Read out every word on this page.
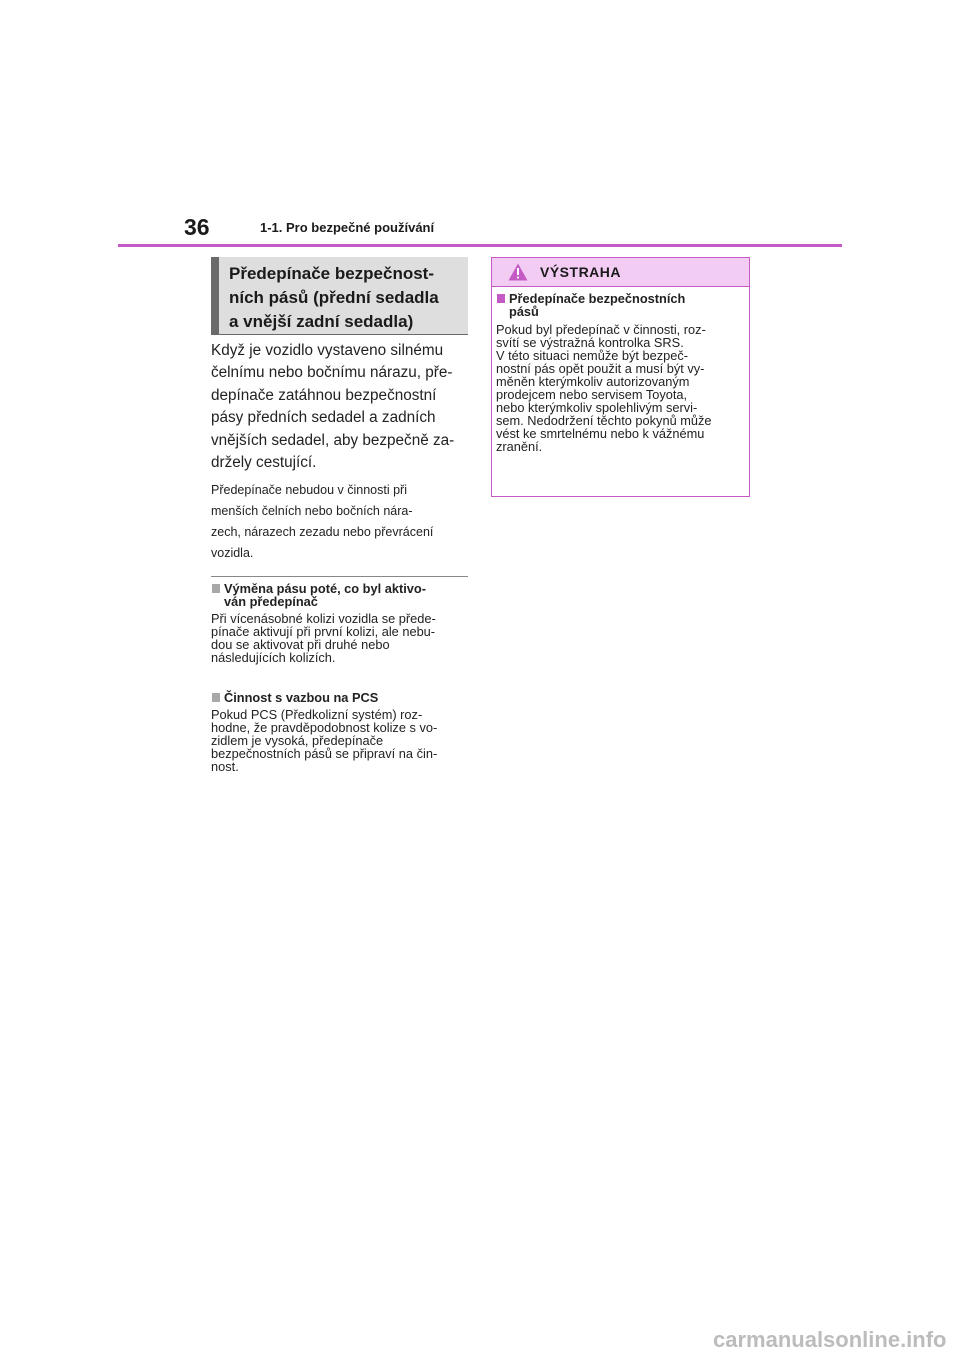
36	1-1. Pro bezpečné používání
Předepínače bezpečnost-
ních pásů (přední sedadla
a vnější zadní sedadla)
Když je vozidlo vystaveno silnému
čelnímu nebo bočnímu nárazu, pře-
depínače zatáhnou bezpečnostní
pásy předních sedadel a zadních
vnějších sedadel, aby bezpečně za-
držely cestující.
Předepínače nebudou v činnosti při
menších čelních nebo bočních nára-
zech, nárazech zezadu nebo převrácení
vozidla.
Výměna pásu poté, co byl aktivo-
ván předepínač
Při vícenásobné kolizi vozidla se přede-
pínače aktivují při první kolizi, ale nebu-
dou se aktivovat při druhé nebo
následujících kolizích.
Činnost s vazbou na PCS
Pokud PCS (Předkolizní systém) roz-
hodne, že pravděpodobnost kolize s vo-
zidlem je vysoká, předepínače
bezpečnostních pásů se připraví na čin-
nost.
VÝSTRAHA
Předepínače bezpečnostních
pásů
Pokud byl předepínač v činnosti, roz-
svítí se výstražná kontrolka SRS.
V této situaci nemůže být bezpeč-
nostní pás opět použit a musí být vy-
měněn kterýmkoliv autorizovaným
prodejcem nebo servisem Toyota,
nebo kterýmkoliv spolehlivým servi-
sem. Nedodržení těchto pokynů může
vést ke smrtelnému nebo k vážnému
zranění.
carmanualsonline.info
